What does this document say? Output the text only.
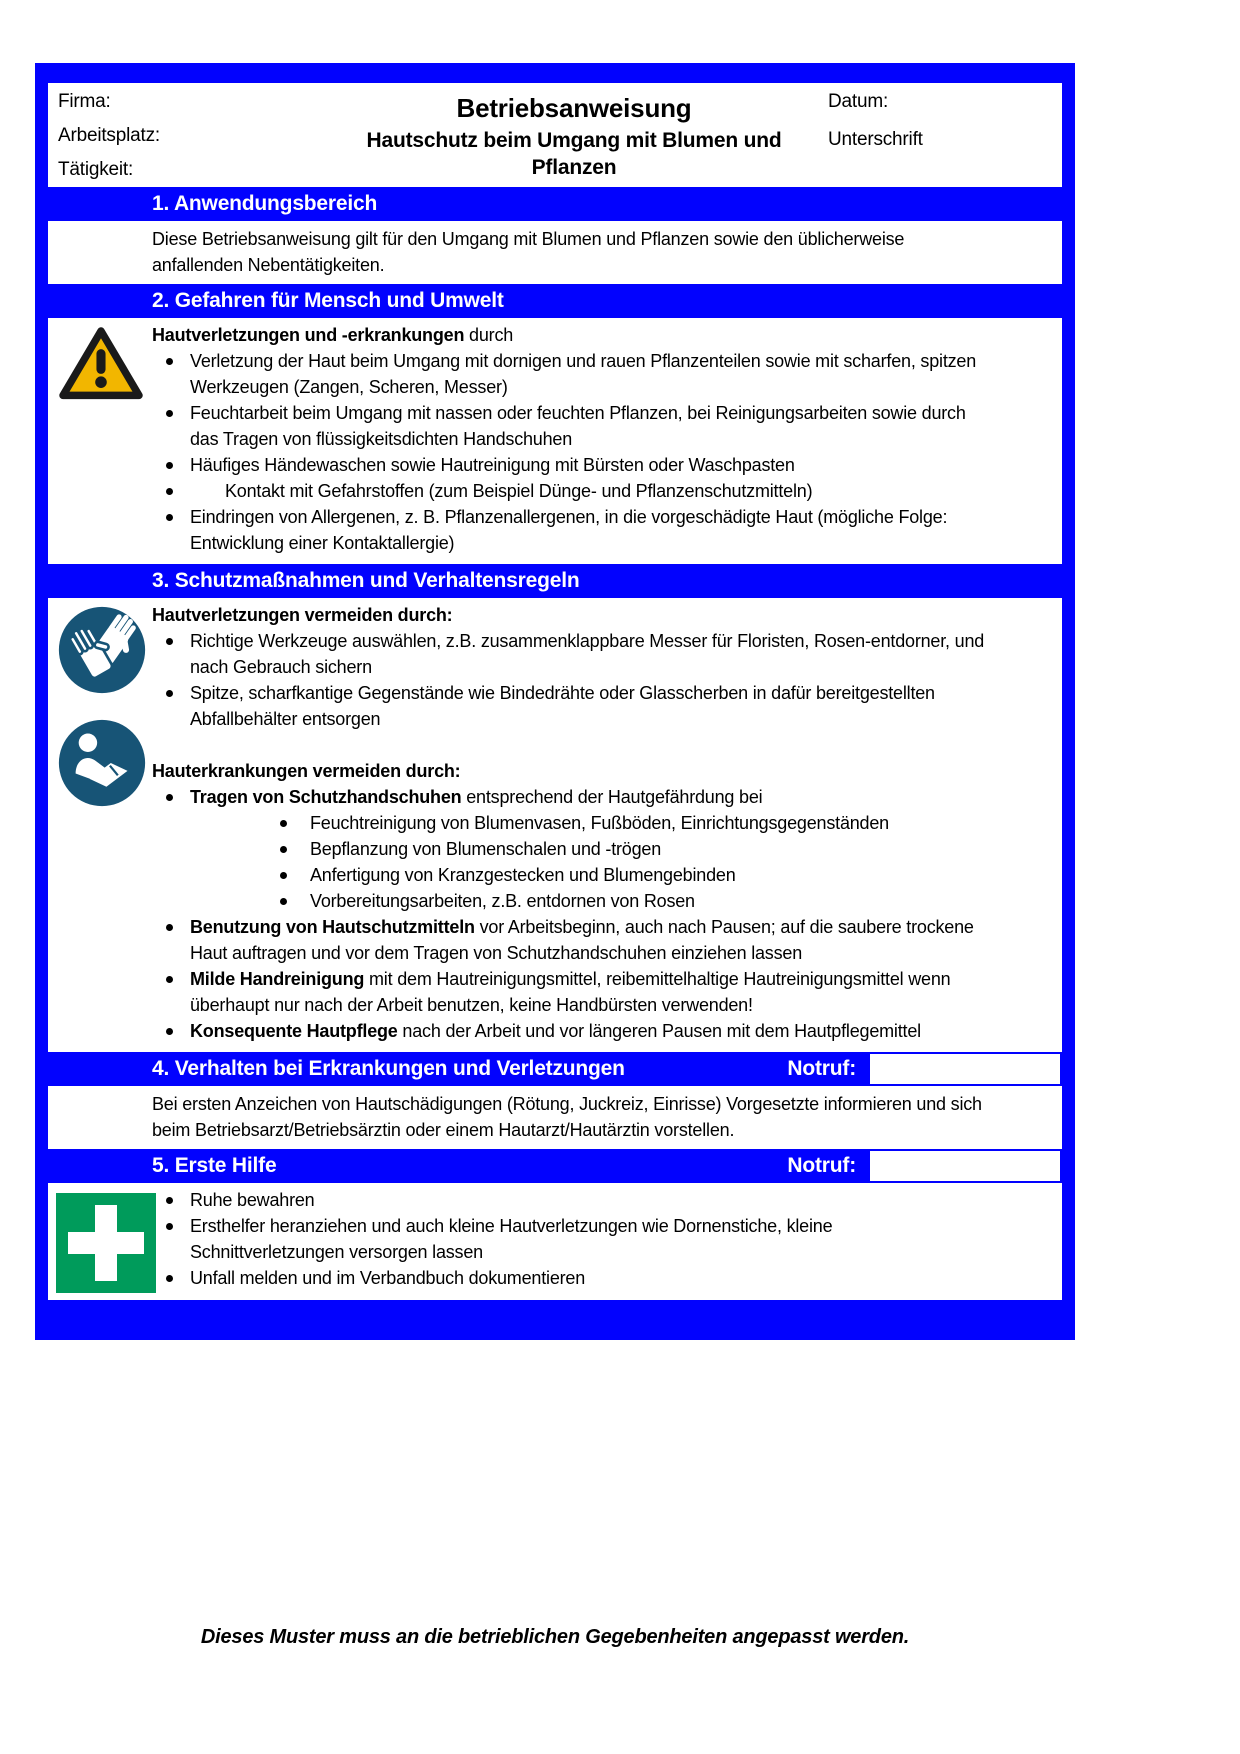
Firma:
Arbeitsplatz:
Tätigkeit:
Betriebsanweisung
Hautschutz beim Umgang mit Blumen und Pflanzen
Datum:
Unterschrift
1. Anwendungsbereich
Diese Betriebsanweisung gilt für den Umgang mit Blumen und Pflanzen sowie den üblicherweise anfallenden Nebentätigkeiten.
2. Gefahren für Mensch und Umwelt
Hautverletzungen und -erkrankungen durch
Verletzung der Haut beim Umgang mit dornigen und rauen Pflanzenteilen sowie mit scharfen, spitzen Werkzeugen (Zangen, Scheren, Messer)
Feuchtarbeit beim Umgang mit nassen oder feuchten Pflanzen, bei Reinigungsarbeiten sowie durch das Tragen von flüssigkeitsdichten Handschuhen
Häufiges Händewaschen sowie Hautreinigung mit Bürsten oder Waschpasten
Kontakt mit Gefahrstoffen (zum Beispiel Dünge- und Pflanzenschutzmitteln)
Eindringen von Allergenen, z. B. Pflanzenallergenen, in die vorgeschädigte Haut (mögliche Folge: Entwicklung einer Kontaktallergie)
3. Schutzmaßnahmen und Verhaltensregeln
Hautverletzungen vermeiden durch:
Richtige Werkzeuge auswählen, z.B. zusammenklappbare Messer für Floristen, Rosen-entdorner, und nach Gebrauch sichern
Spitze, scharfkantige Gegenstände wie Bindedrähte oder Glasscherben in dafür bereitgestellten Abfallbehälter entsorgen
Hauterkrankungen vermeiden durch:
Tragen von Schutzhandschuhen entsprechend der Hautgefährdung bei
Feuchtreinigung von Blumenvasen, Fußböden, Einrichtungsgegenständen
Bepflanzung von Blumenschalen und -trögen
Anfertigung von Kranzgestecken und Blumengebinden
Vorbereitungsarbeiten, z.B. entdornen von Rosen
Benutzung von Hautschutzmitteln vor Arbeitsbeginn, auch nach Pausen; auf die saubere trockene Haut auftragen und vor dem Tragen von Schutzhandschuhen einziehen lassen
Milde Handreinigung mit dem Hautreinigungsmittel, reibemittelhaltige Hautreinigungsmittel wenn überhaupt nur nach der Arbeit benutzen, keine Handbürsten verwenden!
Konsequente Hautpflege nach der Arbeit und vor längeren Pausen mit dem Hautpflegemittel
4. Verhalten bei Erkrankungen und Verletzungen	Notruf:
Bei ersten Anzeichen von Hautschädigungen (Rötung, Juckreiz, Einrisse) Vorgesetzte informieren und sich beim Betriebsarzt/Betriebsärztin oder einem Hautarzt/Hautärztin vorstellen.
5. Erste Hilfe	Notruf:
Ruhe bewahren
Ersthelfer heranziehen und auch kleine Hautverletzungen wie Dornenstiche, kleine Schnittverletzungen versorgen lassen
Unfall melden und im Verbandbuch dokumentieren
Dieses Muster muss an die betrieblichen Gegebenheiten angepasst werden.
